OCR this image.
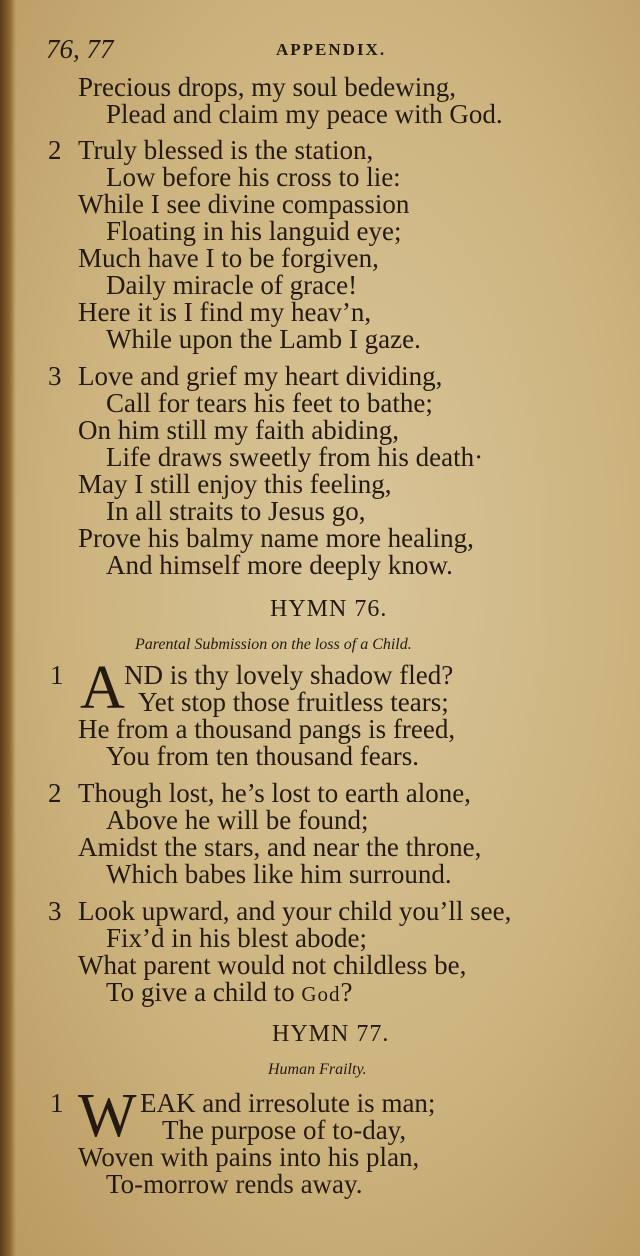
76, 77	APPENDIX.
Precious drops, my soul bedewing,
Plead and claim my peace with God.
2 Truly blessed is the station,
Low before his cross to lie:
While I see divine compassion
Floating in his languid eye;
Much have I to be forgiven,
Daily miracle of grace!
Here it is I find my heav’n,
While upon the Lamb I gaze.
3 Love and grief my heart dividing,
Call for tears his feet to bathe;
On him still my faith abiding,
Life draws sweetly from his death·
May I still enjoy this feeling,
In all straits to Jesus go,
Prove his balmy name more healing,
And himself more deeply know.
HYMN 76.
Parental Submission on the loss of a Child.
1 A ND is thy lovely shadow fled?
Yet stop those fruitless tears;
He from a thousand pangs is freed,
You from ten thousand fears.
2 Though lost, he’s lost to earth alone,
Above he will be found;
Amidst the stars, and near the throne,
Which babes like him surround.
3 Look upward, and your child you’ll see,
Fix’d in his blest abode;
What parent would not childless be,
To give a child to God?
HYMN 77.
Human Frailty.
1 W EAK and irresolute is man;
The purpose of to-day,
Woven with pains into his plan,
To-morrow rends away.
